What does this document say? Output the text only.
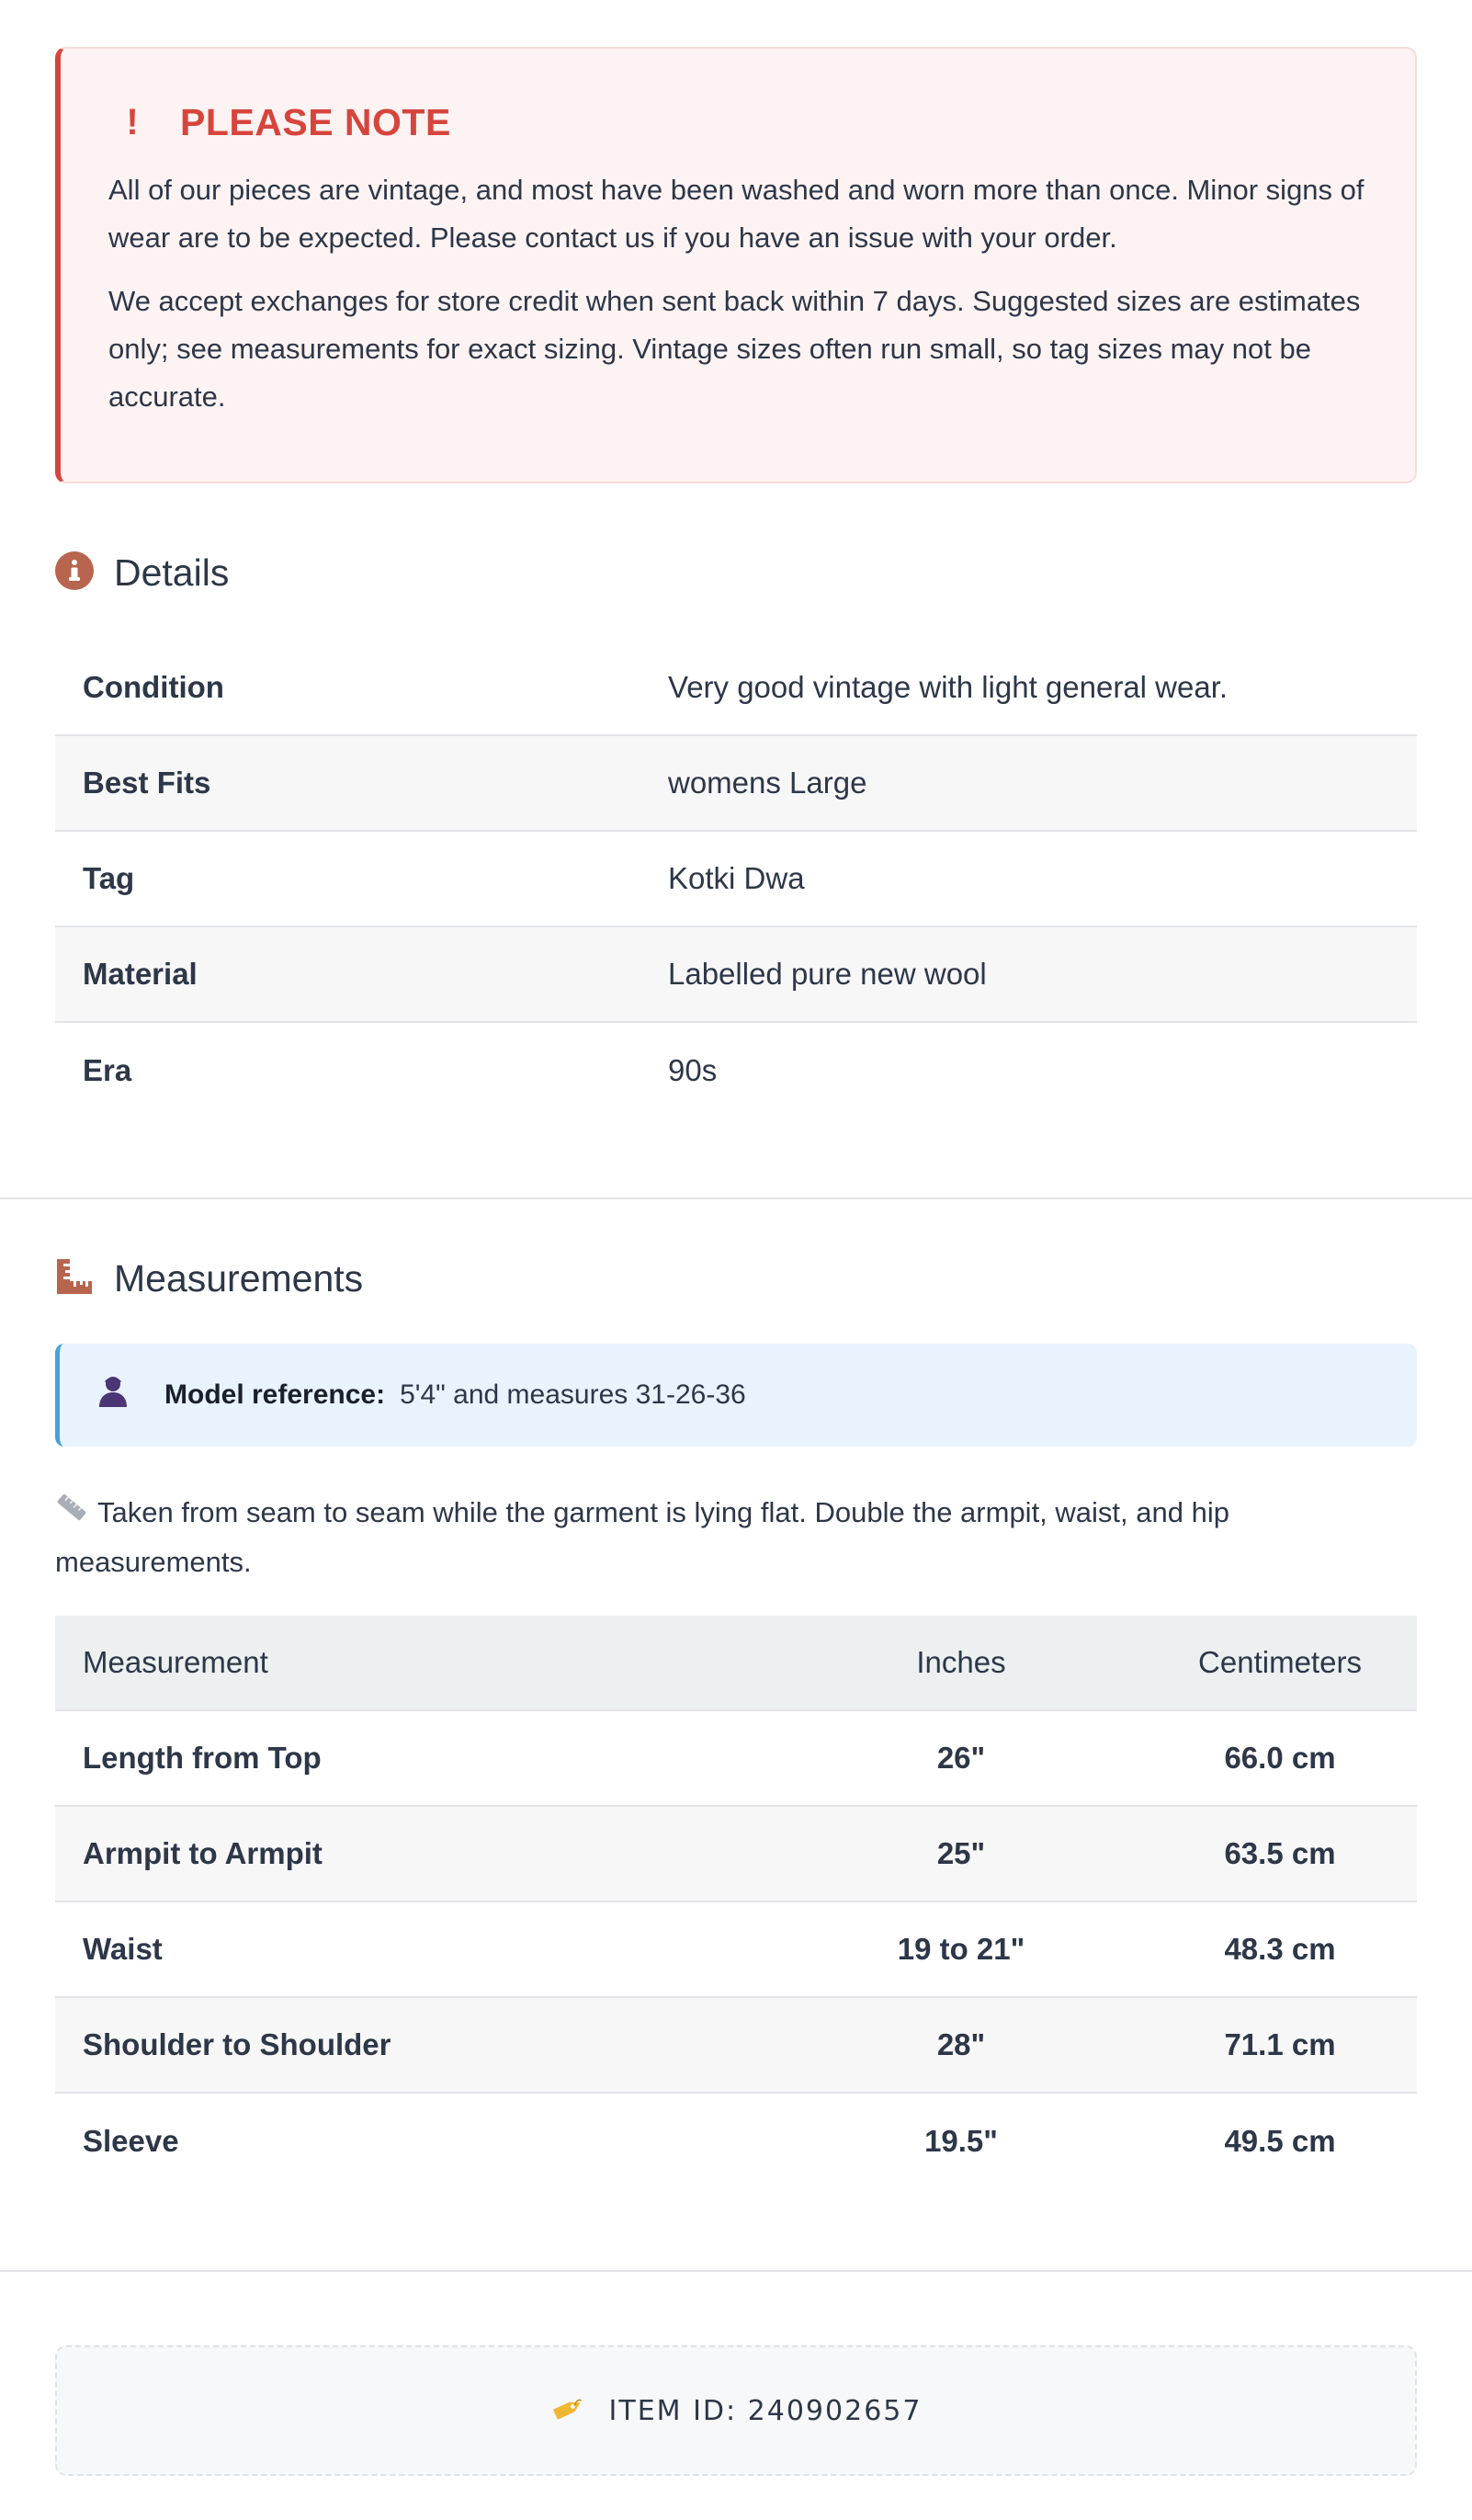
! PLEASE NOTE

All of our pieces are vintage, and most have been washed and worn more than once. Minor signs of wear are to be expected. Please contact us if you have an issue with your order.

We accept exchanges for store credit when sent back within 7 days. Suggested sizes are estimates only; see measurements for exact sizing. Vintage sizes often run small, so tag sizes may not be accurate.

Details
Condition	Very good vintage with light general wear.
Best Fits	womens Large
Tag	Kotki Dwa
Material	Labelled pure new wool
Era	90s
Measurements
Model reference: 5'4" and measures 31-26-36
Taken from seam to seam while the garment is lying flat. Double the armpit, waist, and hip measurements.
Measurement	Inches	Centimeters
Length from Top	26"	66.0 cm
Armpit to Armpit	25"	63.5 cm
Waist	19 to 21"	48.3 cm
Shoulder to Shoulder	28"	71.1 cm
Sleeve	19.5"	49.5 cm
ITEM ID: 240902657
